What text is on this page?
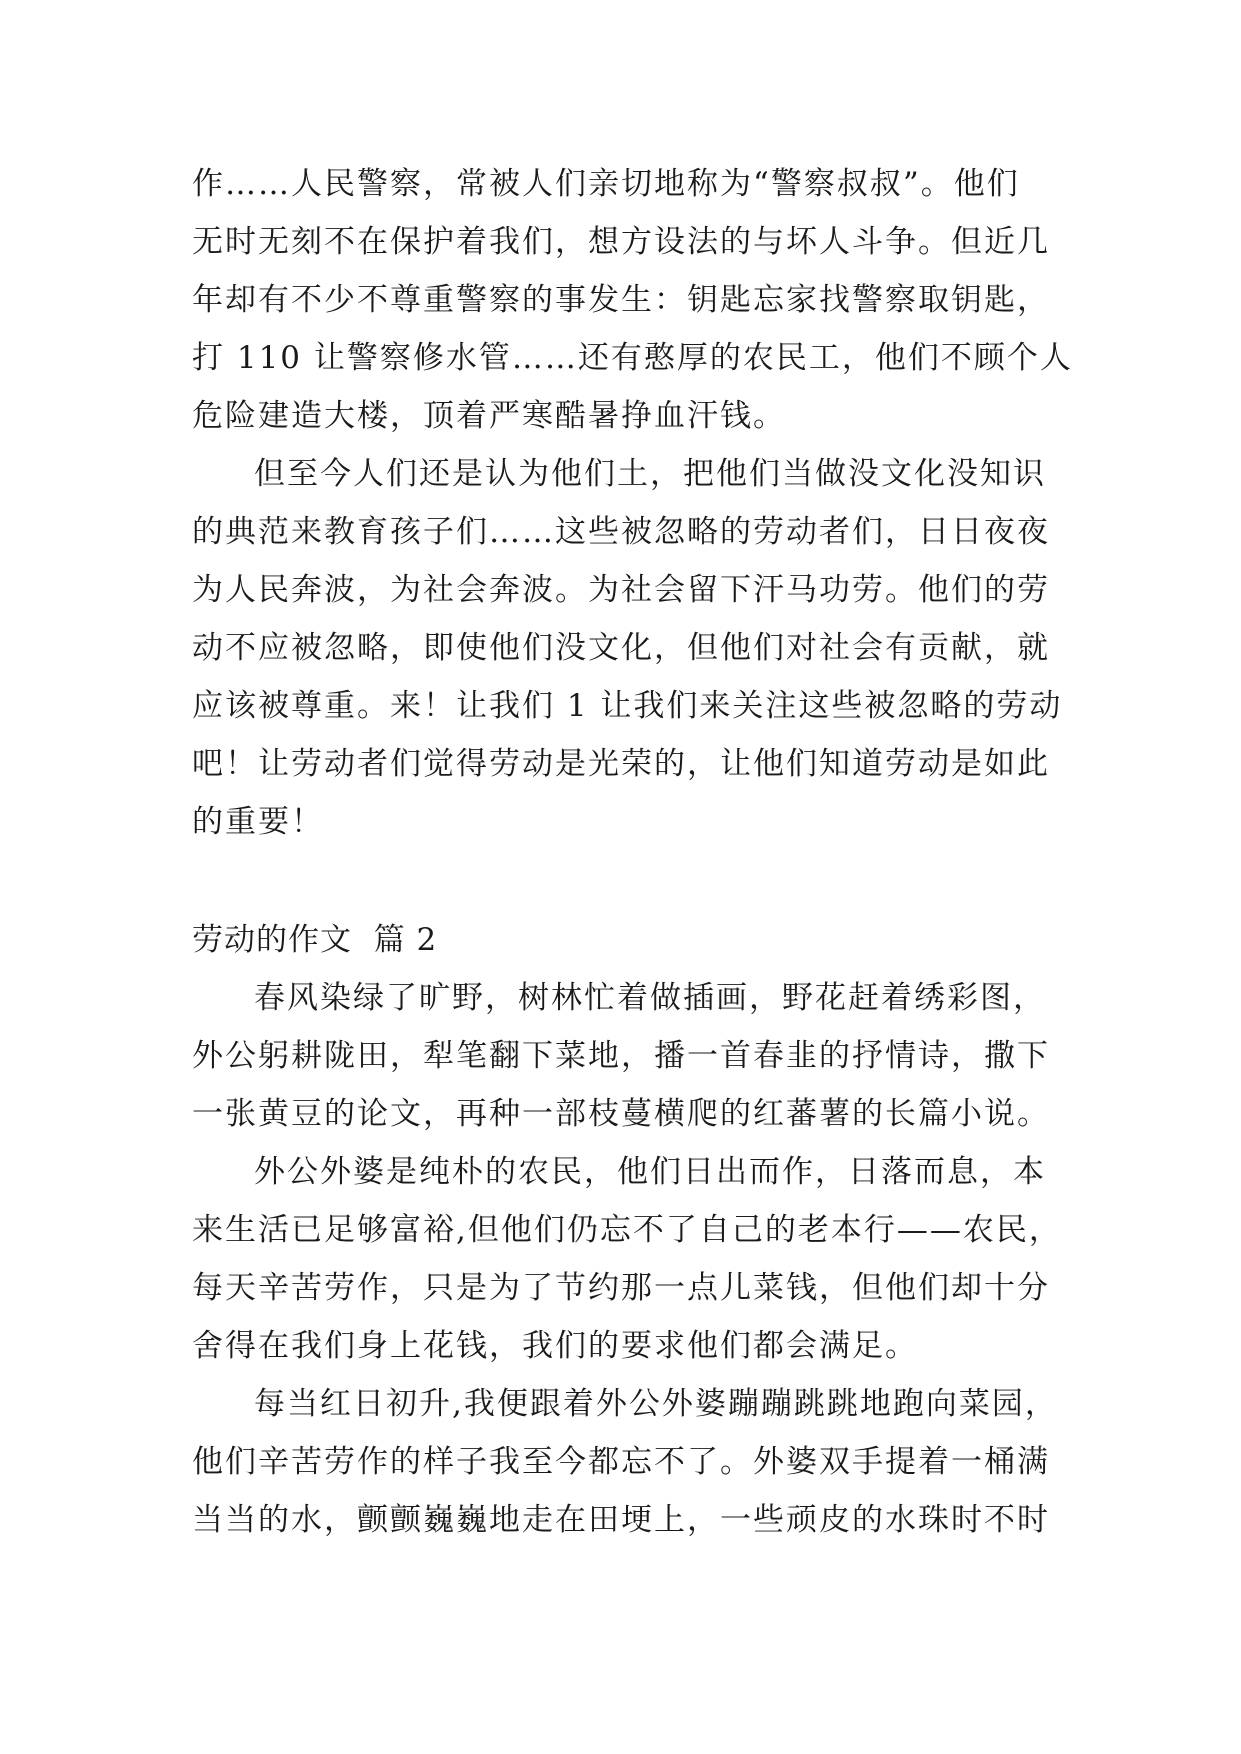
作……人民警察，常被人们亲切地称为“警察叔叔”。他们
无时无刻不在保护着我们，想方设法的与坏人斗争。但近几
年却有不少不尊重警察的事发生：钥匙忘家找警察取钥匙，
打 110 让警察修水管……还有憨厚的农民工，他们不顾个人
危险建造大楼，顶着严寒酷暑挣血汗钱。
但至今人们还是认为他们土，把他们当做没文化没知识
的典范来教育孩子们……这些被忽略的劳动者们，日日夜夜
为人民奔波，为社会奔波。为社会留下汗马功劳。他们的劳
动不应被忽略，即使他们没文化，但他们对社会有贡献，就
应该被尊重。来！让我们 1 让我们来关注这些被忽略的劳动
吧！让劳动者们觉得劳动是光荣的，让他们知道劳动是如此
的重要！
劳动的作文  篇 2
春风染绿了旷野，树林忙着做插画，野花赶着绣彩图，
外公躬耕陇田，犁笔翻下菜地，播一首春韭的抒情诗，撒下
一张黄豆的论文，再种一部枝蔓横爬的红蕃薯的长篇小说。
外公外婆是纯朴的农民，他们日出而作，日落而息，本
来生活已足够富裕,但他们仍忘不了自己的老本行——农民，
每天辛苦劳作，只是为了节约那一点儿菜钱，但他们却十分
舍得在我们身上花钱，我们的要求他们都会满足。
每当红日初升,我便跟着外公外婆蹦蹦跳跳地跑向菜园，
他们辛苦劳作的样子我至今都忘不了。外婆双手提着一桶满
当当的水，颤颤巍巍地走在田埂上，一些顽皮的水珠时不时
